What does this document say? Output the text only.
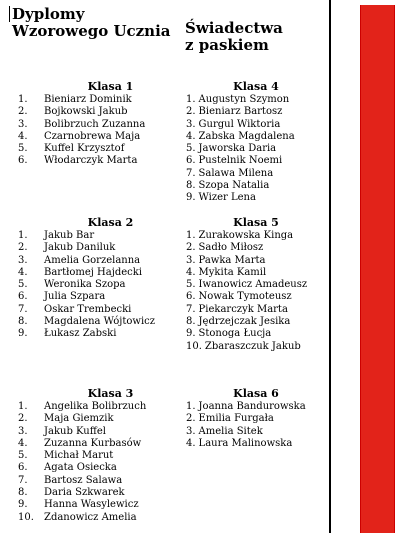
Dyplomy
Wzorowego Ucznia Świadectwa
z paskiem
Klasa 1
1.	Bieniarz Dominik
2.	Bojkowski Jakub
3.	Bolibrzuch Zuzanna
4.	Czarnobrewa Maja
5.	Kuffel Krzysztof
6.	Włodarczyk Marta
Klasa 2
1.	Jakub Bar
2.	Jakub Daniluk
3.	Amelia Gorzelanna
4.	Bartłomej Hajdecki
5.	Weronika Szopa
6.	Julia Szpara
7.	Oskar Trembecki
8.	Magdalena Wójtowicz
9.	Łukasz Zabski
Klasa 3
1.	Angelika Bolibrzuch
2.	Maja Giemzik
3.	Jakub Kuffel
4.	Zuzanna Kurbasów
5.	Michał Marut
6.	Agata Osiecka
7.	Bartosz Salawa
8.	Daria Szkwarek
9.	Hanna Wasylewicz
10.	Zdanowicz Amelia
Klasa 4
1. Augustyn Szymon
2. Bieniarz Bartosz
3. Gurgul Wiktoria
4. Zabska Magdalena
5. Jaworska Daria
6. Pustelnik Noemi
7. Salawa Milena
8. Szopa Natalia
9. Wizer Lena
Klasa 5
1. Zurakowska Kinga
2. Sadło Miłosz
3. Pawka Marta
4. Mykita Kamil
5. Iwanowicz Amadeusz
6. Nowak Tymoteusz
7. Piekarczyk Marta
8. Jędrzejczak Jesika
9. Stonoga Łucja
10. Zbaraszczuk Jakub
Klasa 6
1. Joanna Bandurowska
2. Emilia Furgała
3. Amelia Sitek
4. Laura Malinowska
